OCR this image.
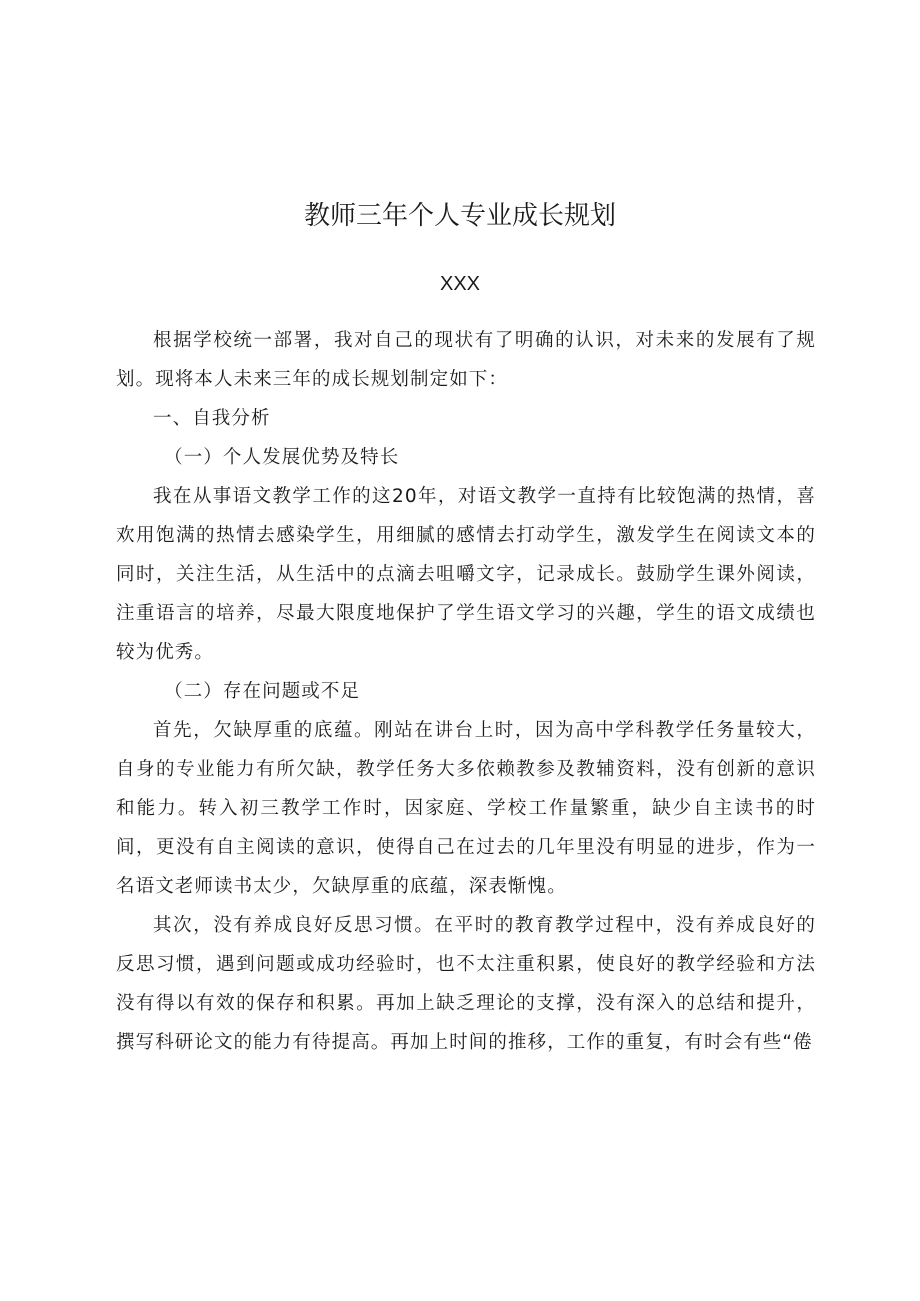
教师三年个人专业成长规划
XXX

根据学校统一部署，我对自己的现状有了明确的认识，对未来的发展有了规划。现将本人未来三年的成长规划制定如下：

一、自我分析

（一）个人发展优势及特长

我在从事语文教学工作的这20年，对语文教学一直持有比较饱满的热情，喜欢用饱满的热情去感染学生，用细腻的感情去打动学生，激发学生在阅读文本的同时，关注生活，从生活中的点滴去咀嚼文字，记录成长。鼓励学生课外阅读，注重语言的培养，尽最大限度地保护了学生语文学习的兴趣，学生的语文成绩也较为优秀。

（二）存在问题或不足

首先，欠缺厚重的底蕴。刚站在讲台上时，因为高中学科教学任务量较大，自身的专业能力有所欠缺，教学任务大多依赖教参及教辅资料，没有创新的意识和能力。转入初三教学工作时，因家庭、学校工作量繁重，缺少自主读书的时间，更没有自主阅读的意识，使得自己在过去的几年里没有明显的进步，作为一名语文老师读书太少，欠缺厚重的底蕴，深表惭愧。

其次，没有养成良好反思习惯。在平时的教育教学过程中，没有养成良好的反思习惯，遇到问题或成功经验时，也不太注重积累，使良好的教学经验和方法没有得以有效的保存和积累。再加上缺乏理论的支撑，没有深入的总结和提升，撰写科研论文的能力有待提高。再加上时间的推移，工作的重复，有时会有些“倦
